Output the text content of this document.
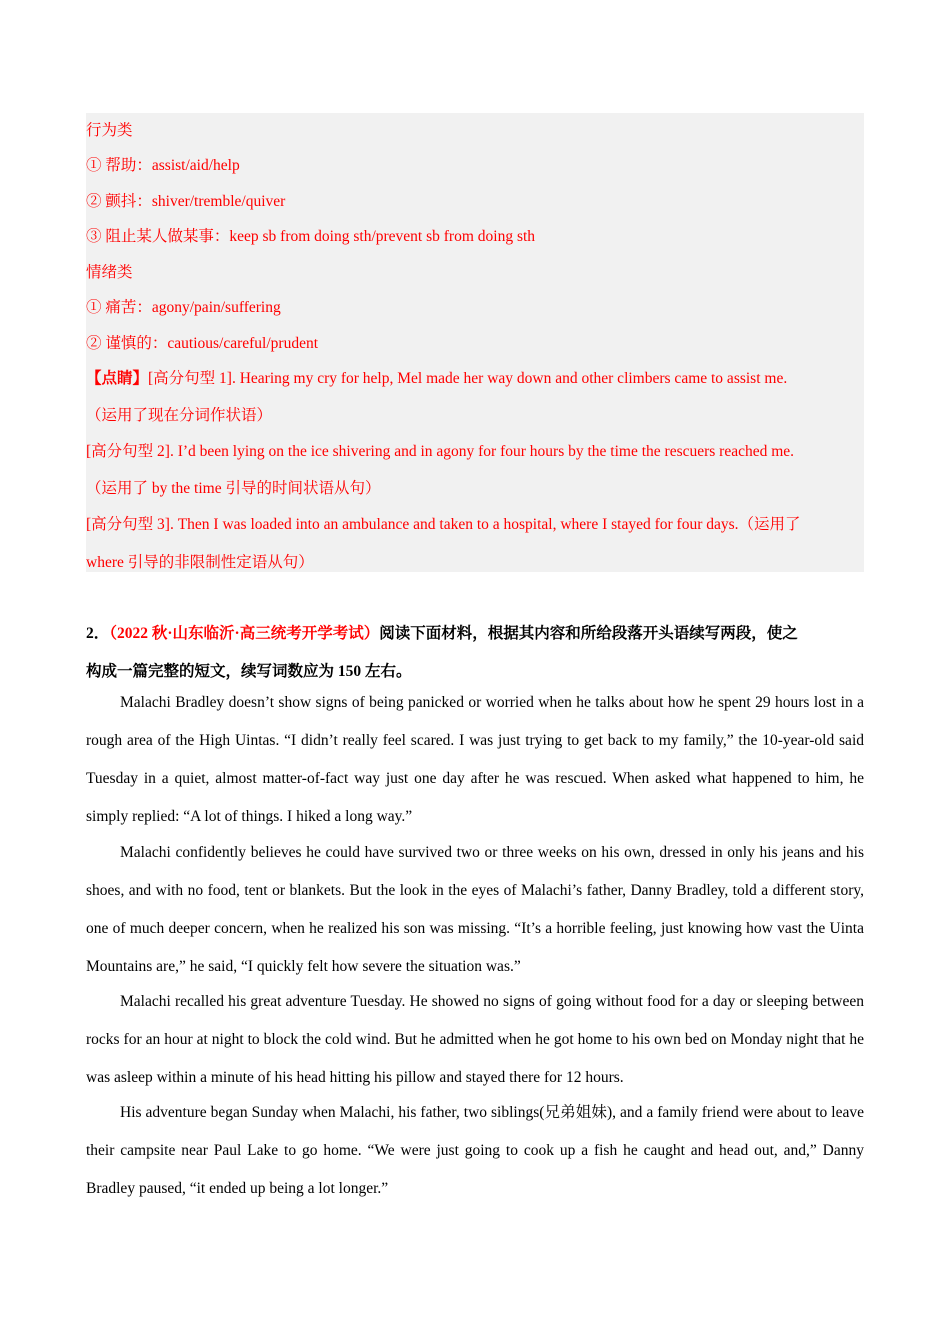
行为类
① 帮助：assist/aid/help
② 颤抖：shiver/tremble/quiver
③ 阻止某人做某事：keep sb from doing sth/prevent sb from doing sth
情绪类
① 痛苦：agony/pain/suffering
② 谨慎的：cautious/careful/prudent
【点睛】[高分句型 1]. Hearing my cry for help, Mel made her way down and other climbers came to assist me.
（运用了现在分词作状语）
[高分句型 2]. I’d been lying on the ice shivering and in agony for four hours by the time the rescuers reached me.
（运用了 by the time 引导的时间状语从句）
[高分句型 3]. Then I was loaded into an ambulance and taken to a hospital, where I stayed for four days.（运用了
where 引导的非限制性定语从句）
2．（2022 秋·山东临沂·高三统考开学考试）阅读下面材料，根据其内容和所给段落开头语续写两段，使之
构成一篇完整的短文，续写词数应为 150 左右。

Malachi Bradley doesn’t show signs of being panicked or worried when he talks about how he spent 29 hours lost in a rough area of the High Uintas. “I didn’t really feel scared. I was just trying to get back to my family,” the 10-year-old said Tuesday in a quiet, almost matter-of-fact way just one day after he was rescued. When asked what happened to him, he simply replied: “A lot of things. I hiked a long way.”

Malachi confidently believes he could have survived two or three weeks on his own, dressed in only his jeans and his shoes, and with no food, tent or blankets. But the look in the eyes of Malachi’s father, Danny Bradley, told a different story, one of much deeper concern, when he realized his son was missing. “It’s a horrible feeling, just knowing how vast the Uinta Mountains are,” he said, “I quickly felt how severe the situation was.”

Malachi recalled his great adventure Tuesday. He showed no signs of going without food for a day or sleeping between rocks for an hour at night to block the cold wind. But he admitted when he got home to his own bed on Monday night that he was asleep within a minute of his head hitting his pillow and stayed there for 12 hours.

His adventure began Sunday when Malachi, his father, two siblings(兄弟姐妹), and a family friend were about to leave their campsite near Paul Lake to go home. “We were just going to cook up a fish he caught and head out, and,” Danny Bradley paused, “it ended up being a lot longer.”
